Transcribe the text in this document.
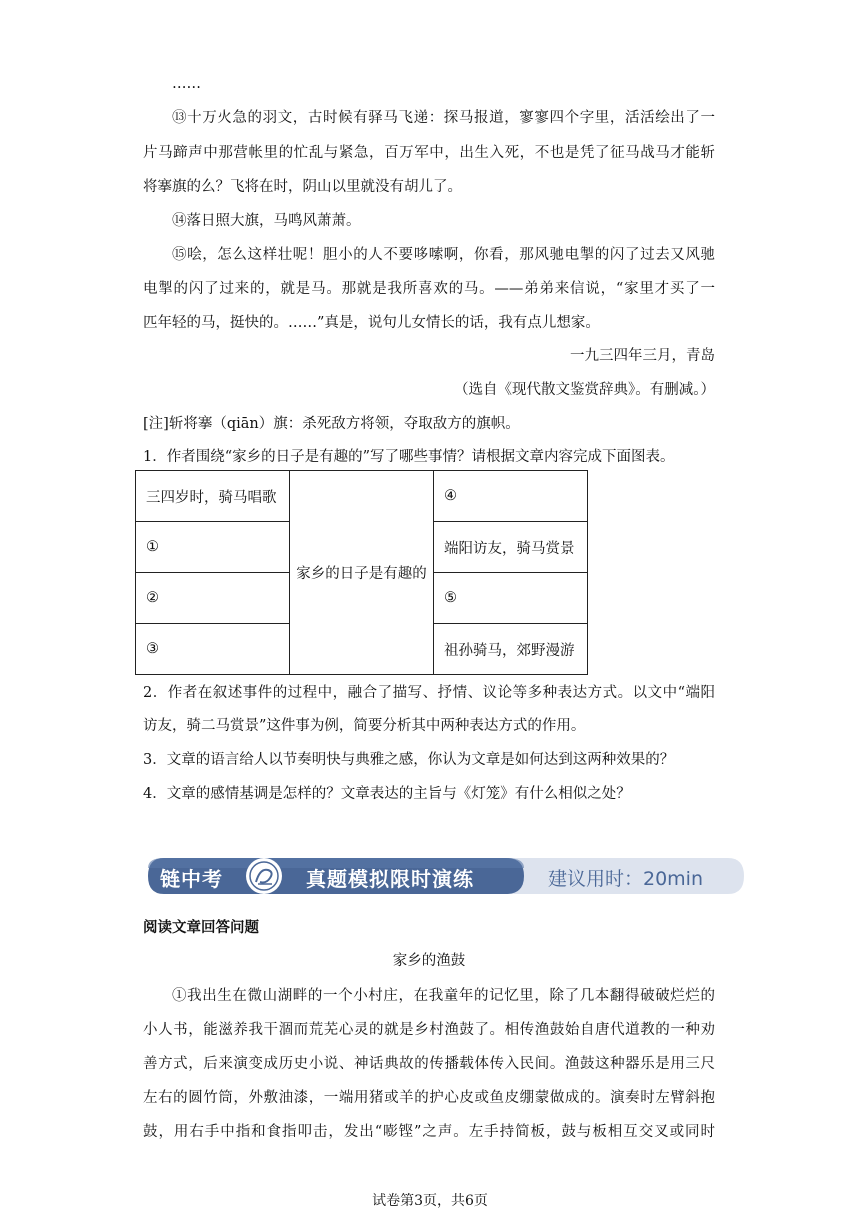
……
⑬十万火急的羽文，古时候有驿马飞递：探马报道，寥寥四个字里，活活绘出了一
片马蹄声中那营帐里的忙乱与紧急，百万军中，出生入死，不也是凭了征马战马才能斩
将搴旗的么？飞将在时，阴山以里就没有胡儿了。
⑭落日照大旗，马鸣风萧萧。
⑮哙，怎么这样壮呢！胆小的人不要哆嗦啊，你看，那风驰电掣的闪了过去又风驰
电掣的闪了过来的，就是马。那就是我所喜欢的马。——弟弟来信说，“家里才买了一
匹年轻的马，挺快的。……”真是，说句儿女情长的话，我有点儿想家。
一九三四年三月，青岛
（选自《现代散文鉴赏辞典》。有删减。）
[注]斩将搴（qiān）旗：杀死敌方将领，夺取敌方的旗帜。
1．作者围绕“家乡的日子是有趣的”写了哪些事情？请根据文章内容完成下面图表。
三四岁时，骑马唱歌	家乡的日子是有趣的	④
①		端阳访友，骑马赏景
②		⑤
③		祖孙骑马，郊野漫游
2．作者在叙述事件的过程中，融合了描写、抒情、议论等多种表达方式。以文中“端阳
访友，骑二马赏景”这件事为例，简要分析其中两种表达方式的作用。
3．文章的语言给人以节奏明快与典雅之感，你认为文章是如何达到这两种效果的？
4．文章的感情基调是怎样的？文章表达的主旨与《灯笼》有什么相似之处？
链中考	真题模拟限时演练	建议用时：20min
阅读文章回答问题
家乡的渔鼓
①我出生在微山湖畔的一个小村庄，在我童年的记忆里，除了几本翻得破破烂烂的
小人书，能滋养我干涸而荒芜心灵的就是乡村渔鼓了。相传渔鼓始自唐代道教的一种劝
善方式，后来演变成历史小说、神话典故的传播载体传入民间。渔鼓这种器乐是用三尺
左右的圆竹筒，外敷油漆，一端用猪或羊的护心皮或鱼皮绷蒙做成的。演奏时左臂斜抱
鼓，用右手中指和食指叩击，发出“嘭铿”之声。左手持简板，鼓与板相互交叉或同时
试卷第3页，共6页
